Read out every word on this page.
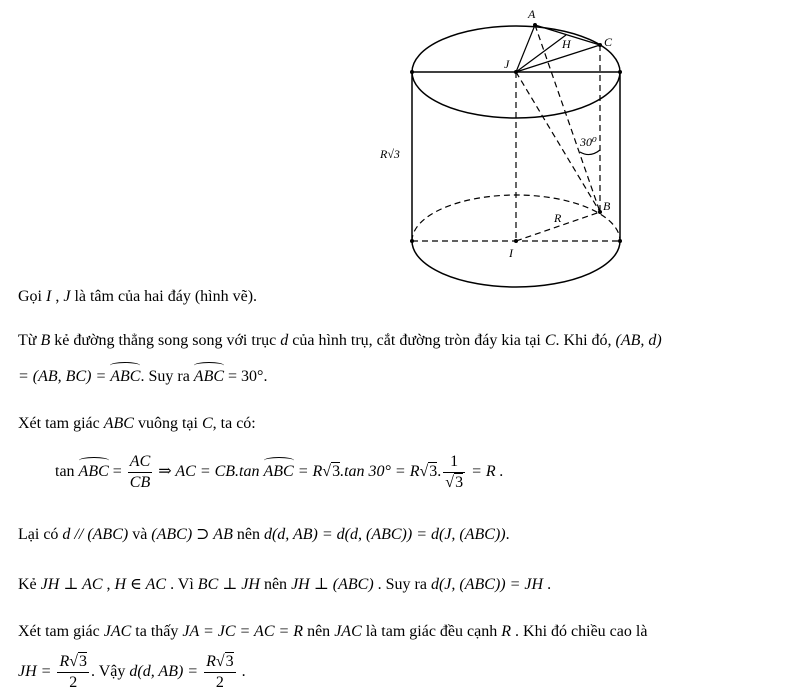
A
H	C
J
B
I
R
R√3
30⁰
Gọi I , J là tâm của hai đáy (hình vẽ).
Từ B kẻ đường thẳng song song với trục d của hình trụ, cắt đường tròn đáy kia tại C. Khi đó, (AB, d)
= (AB, BC) = ABC. Suy ra ABC = 30°.
Xét tam giác ABC vuông tại C, ta có:
tan ABC = $\frac{AC}{CB}$ ⇒ AC = CB.tan ABC = R√3.tan 30° = R√3. $\frac{1}{√3} = R$ .
Lại có d // (ABC) và (ABC) ⊃ AB nên d(d, AB) = d(d, (ABC)) = d(J, (ABC)).
Kẻ JH ⊥ AC , H ∈ AC . Vì BC ⊥ JH nên JH ⊥ (ABC) . Suy ra d(J, (ABC)) = JH .
Xét tam giác JAC ta thấy JA = JC = AC = R nên JAC là tam giác đều cạnh R . Khi đó chiều cao là
JH = $\frac{R√3}{2}$ . Vậy d(d, $AB) = \frac{R√3}{2}$ .
